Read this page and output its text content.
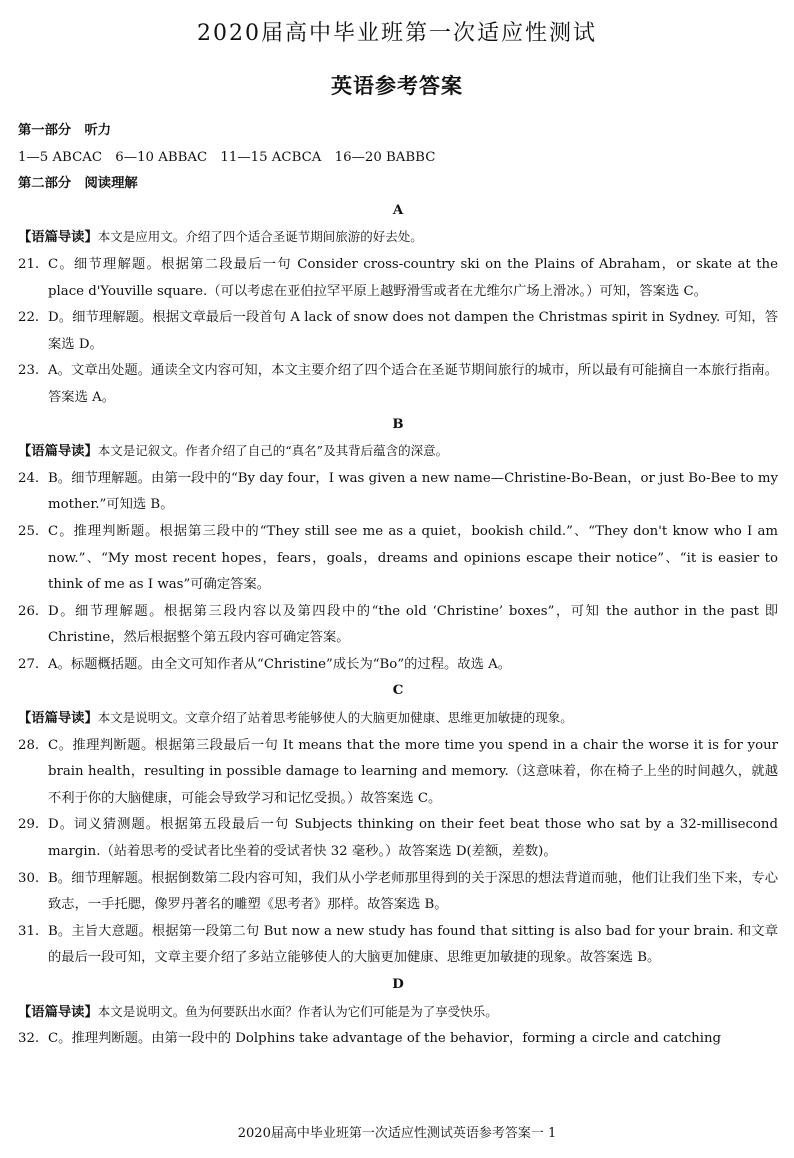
2020届高中毕业班第一次适应性测试
英语参考答案
第一部分　听力
1—5 ABCAC　6—10 ABBAC　11—15 ACBCA　16—20 BABBC
第二部分　阅读理解
A
【语篇导读】本文是应用文。介绍了四个适合圣诞节期间旅游的好去处。
21. C。细节理解题。根据第二段最后一句 Consider cross-country ski on the Plains of Abraham，or skate at the place d'Youville square.（可以考虑在亚伯拉罕平原上越野滑雪或者在尤维尔广场上滑冰。）可知，答案选 C。
22. D。细节理解题。根据文章最后一段首句 A lack of snow does not dampen the Christmas spirit in Sydney. 可知，答案选 D。
23. A。文章出处题。通读全文内容可知，本文主要介绍了四个适合在圣诞节期间旅行的城市，所以最有可能摘自一本旅行指南。答案选 A。
B
【语篇导读】本文是记叙文。作者介绍了自己的“真名”及其背后蕴含的深意。
24. B。细节理解题。由第一段中的“By day four，I was given a new name—Christine-Bo-Bean，or just Bo-Bee to my mother.”可知选 B。
25. C。推理判断题。根据第三段中的“They still see me as a quiet，bookish child.”、“They don't know who I am now.”、“My most recent hopes，fears，goals，dreams and opinions escape their notice”、“it is easier to think of me as I was”可确定答案。
26. D。细节理解题。根据第三段内容以及第四段中的“the old ‘Christine’ boxes”，可知 the author in the past 即 Christine，然后根据整个第五段内容可确定答案。
27. A。标题概括题。由全文可知作者从“Christine”成长为“Bo”的过程。故选 A。
C
【语篇导读】本文是说明文。文章介绍了站着思考能够使人的大脑更加健康、思维更加敏捷的现象。
28. C。推理判断题。根据第三段最后一句 It means that the more time you spend in a chair the worse it is for your brain health，resulting in possible damage to learning and memory.（这意味着，你在椅子上坐的时间越久，就越不利于你的大脑健康，可能会导致学习和记忆受损。）故答案选 C。
29. D。词义猜测题。根据第五段最后一句 Subjects thinking on their feet beat those who sat by a 32-millisecond margin.（站着思考的受试者比坐着的受试者快 32 毫秒。）故答案选 D(差额，差数)。
30. B。细节理解题。根据倒数第二段内容可知，我们从小学老师那里得到的关于深思的想法背道而驰，他们让我们坐下来，专心致志，一手托腮，像罗丹著名的雕塑《思考者》那样。故答案选 B。
31. B。主旨大意题。根据第一段第二句 But now a new study has found that sitting is also bad for your brain. 和文章的最后一段可知，文章主要介绍了多站立能够使人的大脑更加健康、思维更加敏捷的现象。故答案选 B。
D
【语篇导读】本文是说明文。鱼为何要跃出水面？作者认为它们可能是为了享受快乐。
32. C。推理判断题。由第一段中的 Dolphins take advantage of the behavior，forming a circle and catching
2020届高中毕业班第一次适应性测试英语参考答案一 1
